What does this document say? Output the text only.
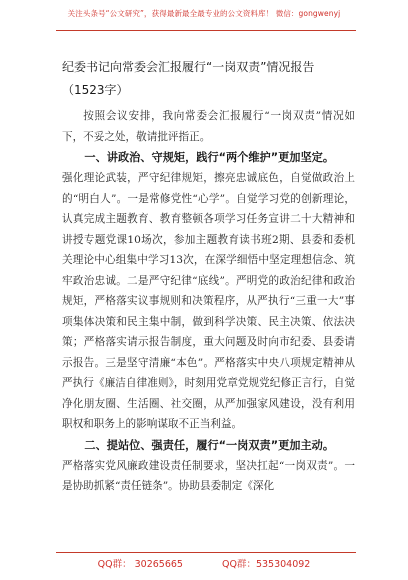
关注头条号“公文研究”，获得最新最全最专业的公文资料库！ 微信：gongwenyj

纪委书记向常委会汇报履行“一岗双责”情况报告（1523字）

按照会议安排，我向常委会汇报履行“一岗双责”情况如下，不妥之处，敬请批评指正。

一、讲政治、守规矩，践行“两个维护”更加坚定。

强化理论武装，严守纪律规矩，擦亮忠诚底色，自觉做政治上的“明白人”。一是常修党性“心学”。自觉学习党的创新理论，认真完成主题教育、教育整顿各项学习任务宣讲二十大精神和讲授专题党课10场次，参加主题教育读书班2期、县委和委机关理论中心组集中学习13次，在深学细悟中坚定理想信念、筑牢政治忠诚。二是严守纪律“底线”。严明党的政治纪律和政治规矩，严格落实议事规则和决策程序，从严执行“三重一大”事项集体决策和民主集中制，做到科学决策、民主决策、依法决策；严格落实请示报告制度，重大问题及时向市纪委、县委请示报告。三是坚守清廉“本色”。严格落实中央八项规定精神从严执行《廉洁自律准则》，时刻用党章党规党纪修正言行，自觉净化朋友圈、生活圈、社交圈，从严加强家风建设，没有利用职权和职务上的影响谋取不正当利益。

二、提站位、强责任，履行“一岗双责”更加主动。

严格落实党风廉政建设责任制要求，坚决扛起“一岗双责”。一是协助抓紧“责任链条”。协助县委制定《深化

QQ群： 30265665	QQ群：535304092
